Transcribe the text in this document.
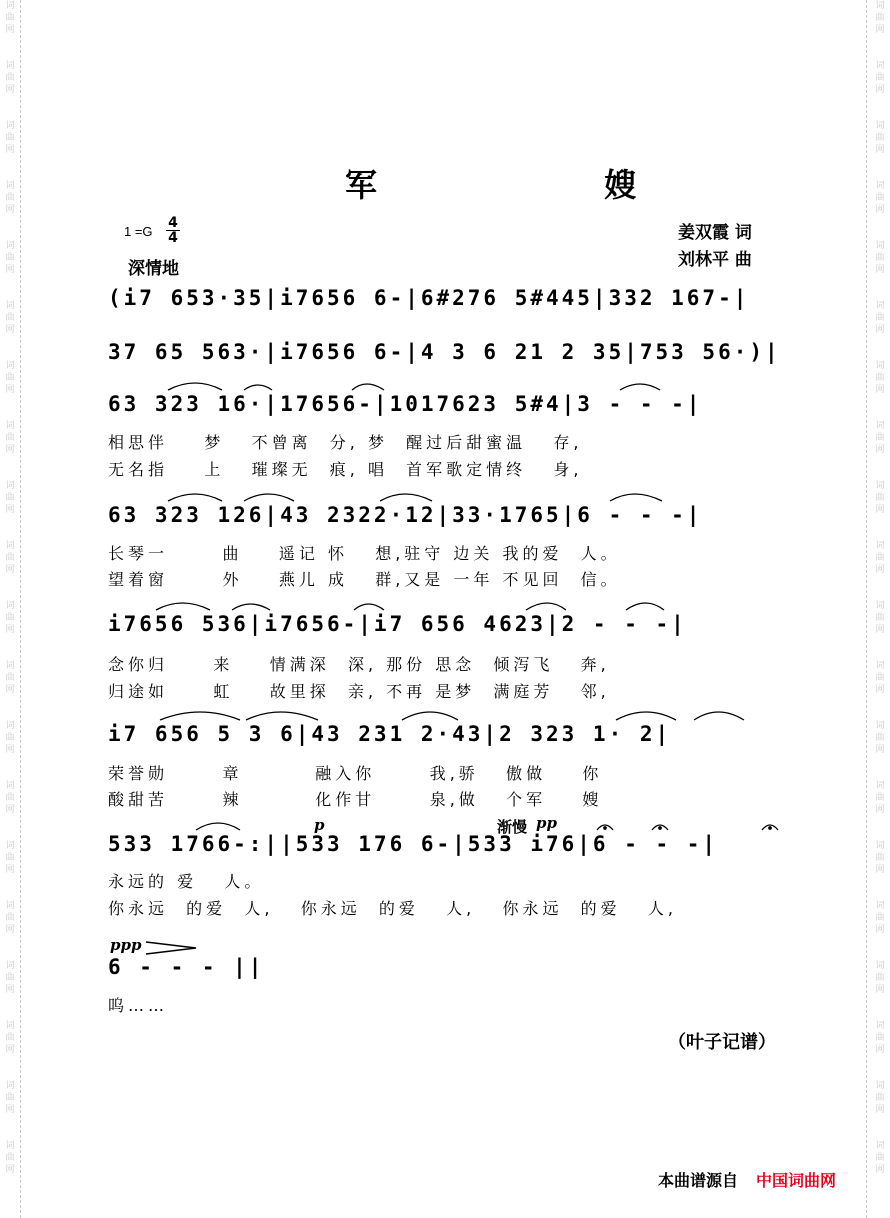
词
曲
网

词
曲
网

词
曲
网

词
曲
网

词
曲
网

词
曲
网

词
曲
网

词
曲
网

词
曲
网

词
曲
网

词
曲
网

词
曲
网

词
曲
网

词
曲
网

词
曲
网

词
曲
网

词
曲
网

词
曲
网

词
曲
网

词
曲
网

词
曲
网

词
曲
网

词
曲
网

词
曲
网

词
曲
网

词
曲
网

词
曲
网

词
曲
网

词
曲
网

词
曲
网

词
曲
网

词
曲
网

词
曲
网

词
曲
网

词
曲
网

词
曲
网

词
曲
网

词
曲
网

词
曲
网

词
曲
网

军 嫂
1 =G
4
4
深情地
姜双霞 词
刘林平 曲
(i7 653·35|i7656 6-|6#276 5#445|332 167-|
37 65 563·|i7656 6-|4 3 6 21 2 35|753 56·)|
63 323 16·|17656-|1017623 5#4|3 - - -|
63 323 126|43 2322·12|33·1765|6 - - -|
i7656 536|i7656-|i7 656 4623|2 - - -|
i7 656 5 3 6|43 231 2·43|2 323 1· 2|
533 1766-:||533 176 6-|533 i76|6 - - -|
6 - - - ||
相思伴    梦   不曾离  分, 梦  醒过后甜蜜温   存,
无名指    上   璀璨无  痕, 唱  首军歌定情终   身,
长琴一      曲    遥记 怀   想,驻守 边关 我的爱  人。
望着窗      外    燕儿 成   群,又是 一年 不见回  信。
念你归     来    情满深  深, 那份 思念  倾泻飞   奔,
归途如     虹    故里探  亲, 不再 是梦  满庭芳   邻,
荣誉勋      章        融入你      我,骄   傲做    你
酸甜苦      辣        化作甘      泉,做   个军    嫂
永远的 爱   人。
你永远  的爱  人,   你永远  的爱   人,   你永远  的爱   人,
呜……
p	渐慢 pp
ppp
（叶子记谱）
本曲谱源自 中国词曲网
